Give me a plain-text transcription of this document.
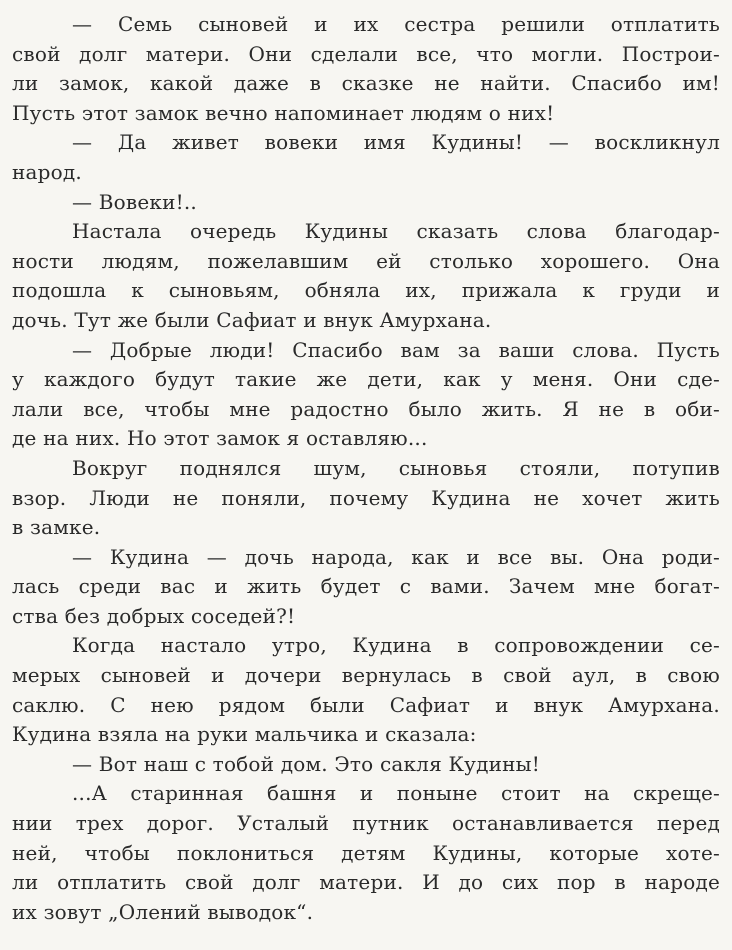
— Семь сыновей и их сестра решили отплатить
свой долг матери. Они сделали все, что могли. Построи-
ли замок, какой даже в сказке не найти. Спасибо им!
Пусть этот замок вечно напоминает людям о них!
— Да живет вовеки имя Кудины! — воскликнул
народ.
— Вовеки!..
Настала очередь Кудины сказать слова благодар-
ности людям, пожелавшим ей столько хорошего. Она
подошла к сыновьям, обняла их, прижала к груди и
дочь. Тут же были Сафиат и внук Амурхана.
— Добрые люди! Спасибо вам за ваши слова. Пусть
у каждого будут такие же дети, как у меня. Они сде-
лали все, чтобы мне радостно было жить. Я не в оби-
де на них. Но этот замок я оставляю...
Вокруг поднялся шум, сыновья стояли, потупив
взор. Люди не поняли, почему Кудина не хочет жить
в замке.
— Кудина — дочь народа, как и все вы. Она роди-
лась среди вас и жить будет с вами. Зачем мне богат-
ства без добрых соседей?!
Когда настало утро, Кудина в сопровождении се-
мерых сыновей и дочери вернулась в свой аул, в свою
саклю. С нею рядом были Сафиат и внук Амурхана.
Кудина взяла на руки мальчика и сказала:
— Вот наш с тобой дом. Это сакля Кудины!
...А старинная башня и поныне стоит на скреще-
нии трех дорог. Усталый путник останавливается перед
ней, чтобы поклониться детям Кудины, которые хоте-
ли отплатить свой долг матери. И до сих пор в народе
их зовут „Олений выводок“.
